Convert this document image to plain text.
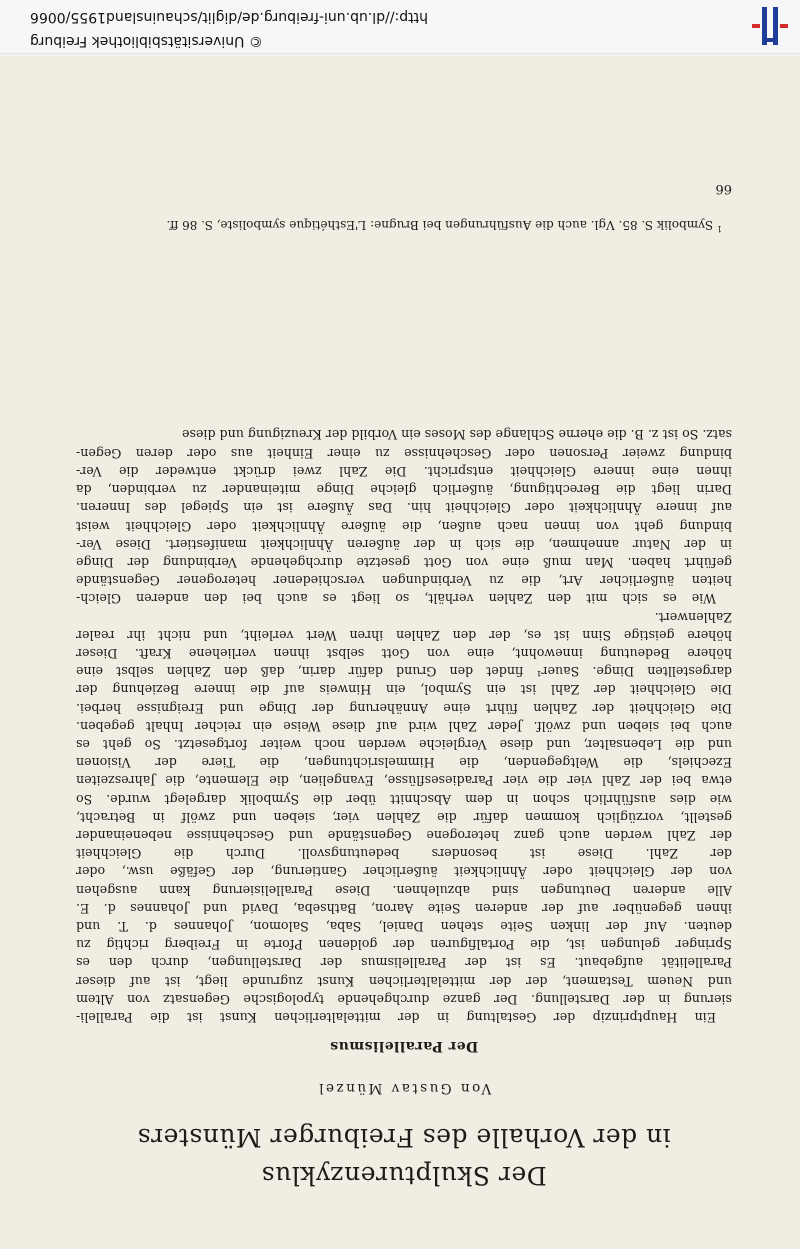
Der Skulpturenzyklus
in der Vorhalle des Freiburger Münsters

Von Gustav Münzel

Der Parallelismus

Ein Hauptprinzip der Gestaltung in der mittelalterlichen Kunst ist die Paralleli-
sierung in der Darstellung. Der ganze durchgehende typologische Gegensatz von Altem
und Neuem Testament, der der mittelalterlichen Kunst zugrunde liegt, ist auf dieser
Parallelität aufgebaut. Es ist der Parallelismus der Darstellungen, durch den es
Springer gelungen ist, die Portalfiguren der goldenen Pforte in Freiberg richtig zu
deuten. Auf der linken Seite stehen Daniel, Saba, Salomon, Johannes d. T. und
ihnen gegenüber auf der anderen Seite Aaron, Bathsebа, David und Johannes d. E.
Alle anderen Deutungen sind abzulehnen. Diese Parallelisierung kann ausgehen
von der Gleichheit oder Ähnlichkeit äußerlicher Gantierung, der Gefäße usw., oder
der Zahl. Diese ist besonders bedeutungsvoll. Durch die Gleichheit
der Zahl werden auch ganz heterogene Gegenstände und Geschehnisse nebeneinander
gestellt, vorzüglich kommen dafür die Zahlen vier, sieben und zwölf in Betracht,
wie dies ausführlich schon in dem Abschnitt über die Symbolik dargelegt wurde. So
etwa bei der Zahl vier die vier Paradiesesflüsse, Evangelien, die Elemente, die Jahreszeiten
Ezechiels, die Weltgegenden, die Himmelsrichtungen, die Tiere der Visionen
und die Lebensalter, und diese Vergleiche werden noch weiter fortgesetzt. So geht es
auch bei sieben und zwölf. Jeder Zahl wird auf diese Weise ein reicher Inhalt gegeben.
Die Gleichheit der Zahlen führt eine Annäherung der Dinge und Ereignisse herbei.
Die Gleichheit der Zahl ist ein Symbol, ein Hinweis auf die innere Beziehung der
dargestellten Dinge. Sauer¹ findet den Grund dafür darin, daß den Zahlen selbst eine
höhere Bedeutung innewohnt, eine von Gott selbst ihnen verliehene Kraft. Dieser
höhere geistige Sinn ist es, der den Zahlen ihren Wert verleiht, und nicht ihr realer
Zahlenwert.
Wie es sich mit den Zahlen verhält, so liegt es auch bei den anderen Gleich-
heiten äußerlicher Art, die zu Verbindungen verschiedener heterogener Gegenstände
geführt haben. Man muß eine von Gott gesetzte durchgehende Verbindung der Dinge
in der Natur annehmen, die sich in der äußeren Ähnlichkeit manifestiert. Diese Ver-
bindung geht von innen nach außen, die äußere Ähnlichkeit oder Gleichheit weist
auf innere Ähnlichkeit oder Gleichheit hin. Das Äußere ist ein Spiegel des Inneren.
Darin liegt die Berechtigung, äußerlich gleiche Dinge miteinander zu verbinden, da
ihnen eine innere Gleichheit entspricht. Die Zahl zwei drückt entweder die Ver-
bindung zweier Personen oder Geschehnisse zu einer Einheit aus oder deren Gegen-
satz. So ist z. B. die eherne Schlange des Moses ein Vorbild der Kreuzigung und diese
$^1$ Symbolik S. 85. Vgl. auch die Ausführungen bei Brugne: L'Esthétique symboliste, S. 86 ff.
66
© Universitätsbibliothek Freiburg
http://dl.ub.uni-freiburg.de/diglit/schauinsland1955/0066
